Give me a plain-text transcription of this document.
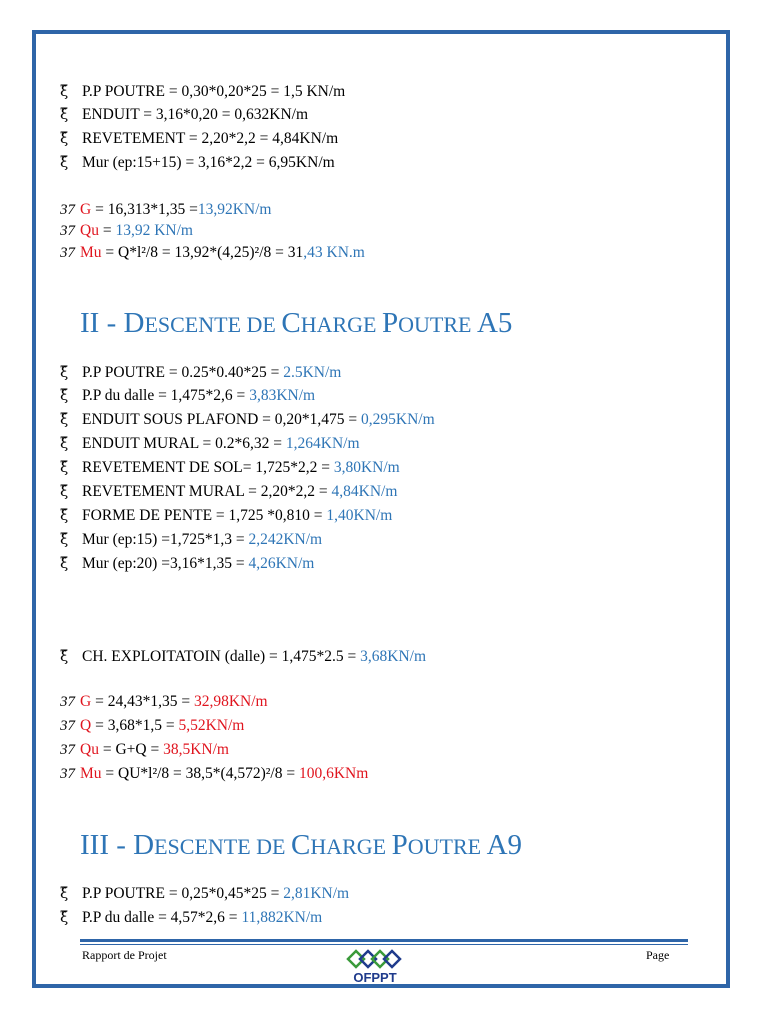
ξ̃ P.P POUTRE = 0,30*0,20*25 = 1,5 KN/m
ξ̃ ENDUIT = 3,16*0,20 = 0,632KN/m
ξ̃ REVETEMENT = 2,20*2,2 = 4,84KN/m
ξ̃ Mur (ep:15+15) = 3,16*2,2 = 6,95KN/m
37 G = 16,313*1,35 =13,92KN/m
37 Qu = 13,92 KN/m
37 Mu = Q*l²/8 = 13,92*(4,25)²/8 = 31,43 KN.m
II - DESCENTE DE CHARGE POUTRE A5
ξ̃ P.P POUTRE = 0.25*0.40*25 = 2.5KN/m
ξ̃ P.P du dalle = 1,475*2,6 = 3,83KN/m
ξ̃ ENDUIT SOUS PLAFOND = 0,20*1,475 = 0,295KN/m
ξ̃ ENDUIT MURAL = 0.2*6,32 = 1,264KN/m
ξ̃ REVETEMENT DE SOL= 1,725*2,2 = 3,80KN/m
ξ̃ REVETEMENT MURAL = 2,20*2,2 = 4,84KN/m
ξ̃ FORME DE PENTE = 1,725 *0,810 = 1,40KN/m
ξ̃ Mur (ep:15) =1,725*1,3 = 2,242KN/m
ξ̃ Mur (ep:20) =3,16*1,35 = 4,26KN/m
ξ̃ CH. EXPLOITATOIN (dalle) = 1,475*2.5 = 3,68KN/m
37 G = 24,43*1,35 = 32,98KN/m
37 Q = 3,68*1,5 = 5,52KN/m
37 Qu = G+Q = 38,5KN/m
37 Mu = QU*l²/8 = 38,5*(4,572)²/8 = 100,6KNm
III - DESCENTE DE CHARGE POUTRE A9
ξ̃ P.P POUTRE = 0,25*0,45*25 = 2,81KN/m
ξ̃ P.P du dalle = 4,57*2,6 = 11,882KN/m
Rapport de Projet	Page
OFPPT
